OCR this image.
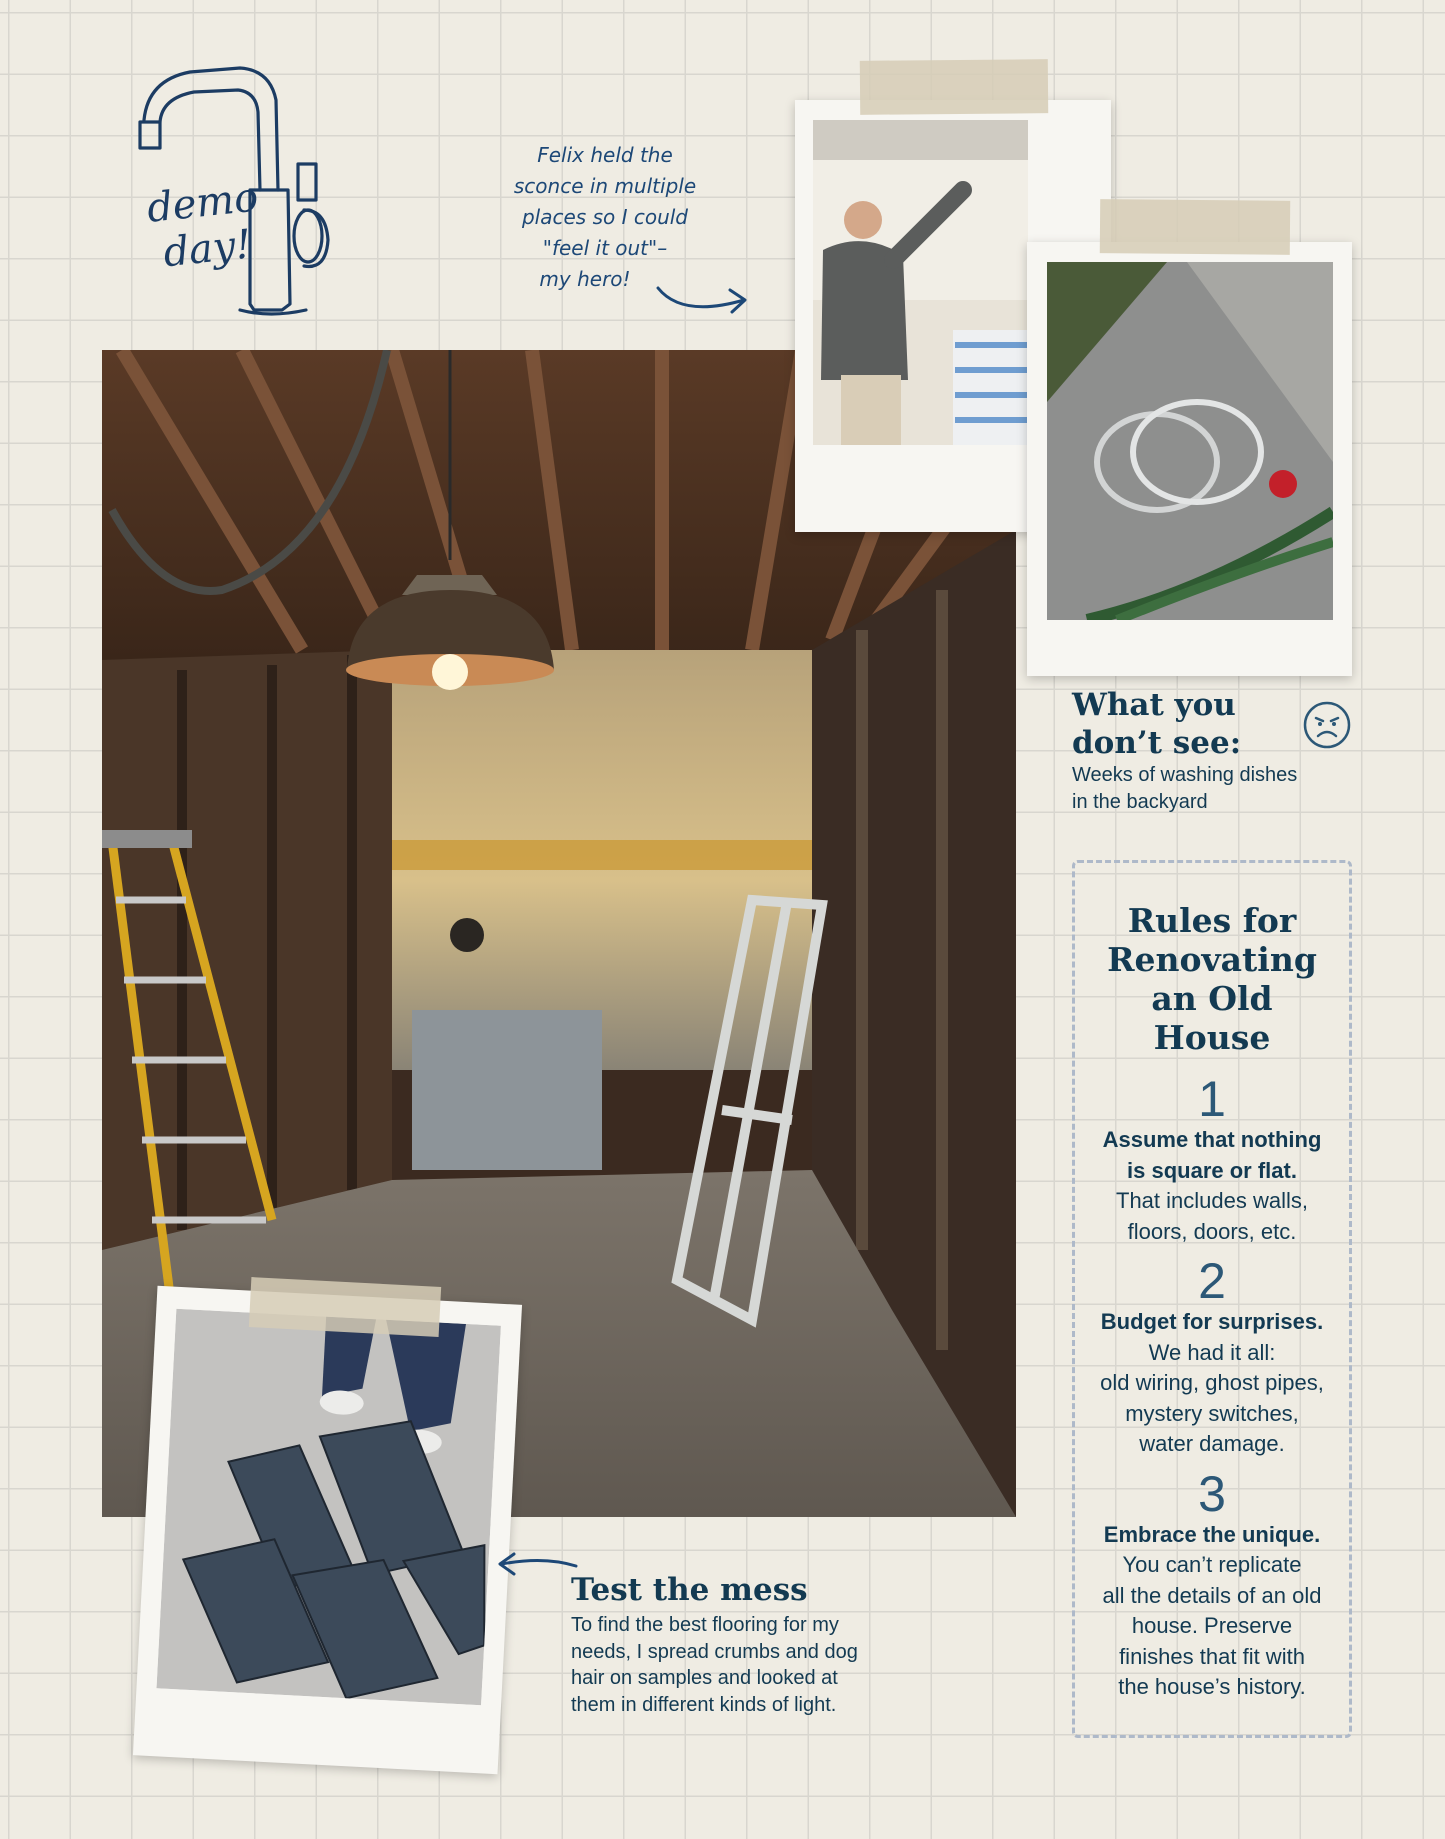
demo
day!
Felix held the
sconce in multiple
places so I could
"feel it out"–
my hero!
What you
don’t see:
Weeks of washing dishes
in the backyard
Rules for
Renovating
an Old House
1
Assume that nothing
is square or flat.
That includes walls,
floors, doors, etc.
2
Budget for surprises.
We had it all:
old wiring, ghost pipes,
mystery switches,
water damage.
3
Embrace the unique.
You can’t replicate
all the details of an old
house. Preserve
finishes that fit with
the house’s history.
Test the mess
To find the best flooring for my
needs, I spread crumbs and dog
hair on samples and looked at
them in different kinds of light.
